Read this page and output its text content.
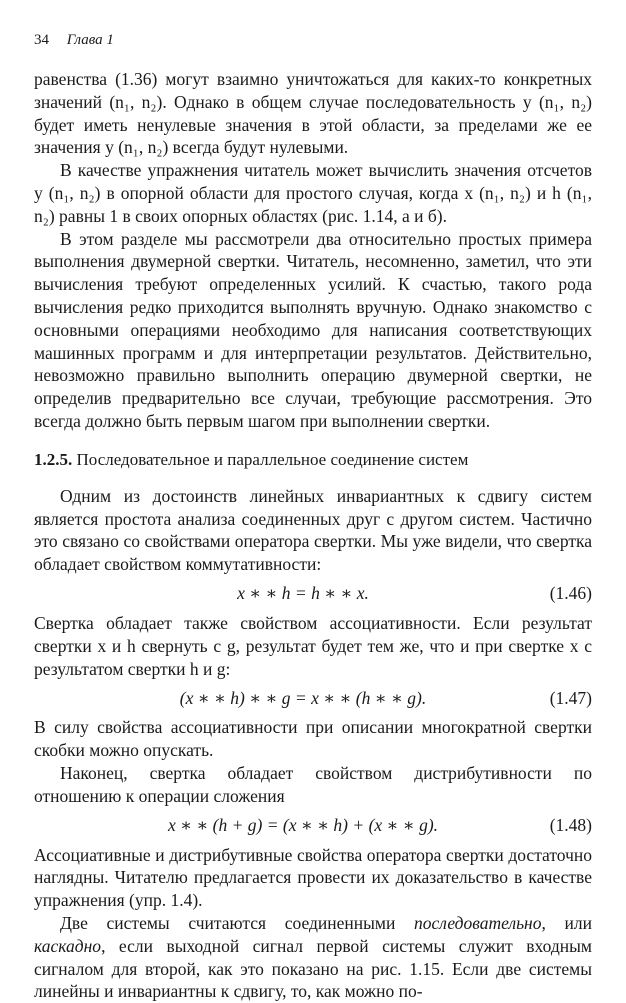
34 Глава 1

равенства (1.36) могут взаимно уничтожаться для каких-то конкретных значений (n₁, n₂). Однако в общем случае последовательность y (n₁, n₂) будет иметь ненулевые значения в этой области, за пределами же ее значения y (n₁, n₂) всегда будут нулевыми.

В качестве упражнения читатель может вычислить значения отсчетов y (n₁, n₂) в опорной области для простого случая, когда x (n₁, n₂) и h (n₁, n₂) равны 1 в своих опорных областях (рис. 1.14, а и б).

В этом разделе мы рассмотрели два относительно простых примера выполнения двумерной свертки. Читатель, несомненно, заметил, что эти вычисления требуют определенных усилий. К счастью, такого рода вычисления редко приходится выполнять вручную. Однако знакомство с основными операциями необходимо для написания соответствующих машинных программ и для интерпретации результатов. Действительно, невозможно правильно выполнить операцию двумерной свертки, не определив предварительно все случаи, требующие рассмотрения. Это всегда должно быть первым шагом при выполнении свертки.

1.2.5. Последовательное и параллельное соединение систем

Одним из достоинств линейных инвариантных к сдвигу систем является простота анализа соединенных друг с другом систем. Частично это связано со свойствами оператора свертки. Мы уже видели, что свертка обладает свойством коммутативности:

x ∗ ∗ h = h ∗ ∗ x.	(1.46)

Свертка обладает также свойством ассоциативности. Если результат свертки x и h свернуть с g, результат будет тем же, что и при свертке x с результатом свертки h и g:

(x ∗ ∗ h) ∗ ∗ g = x ∗ ∗ (h ∗ ∗ g).	(1.47)

В силу свойства ассоциативности при описании многократной свертки скобки можно опускать.

Наконец, свертка обладает свойством дистрибутивности по отношению к операции сложения

x ∗ ∗ (h + g) = (x ∗ ∗ h) + (x ∗ ∗ g).	(1.48)

Ассоциативные и дистрибутивные свойства оператора свертки достаточно наглядны. Читателю предлагается провести их доказательство в качестве упражнения (упр. 1.4).

Две системы считаются соединенными последовательно, или каскадно, если выходной сигнал первой системы служит входным сигналом для второй, как это показано на рис. 1.15. Если две системы линейны и инвариантны к сдвигу, то, как можно по-
